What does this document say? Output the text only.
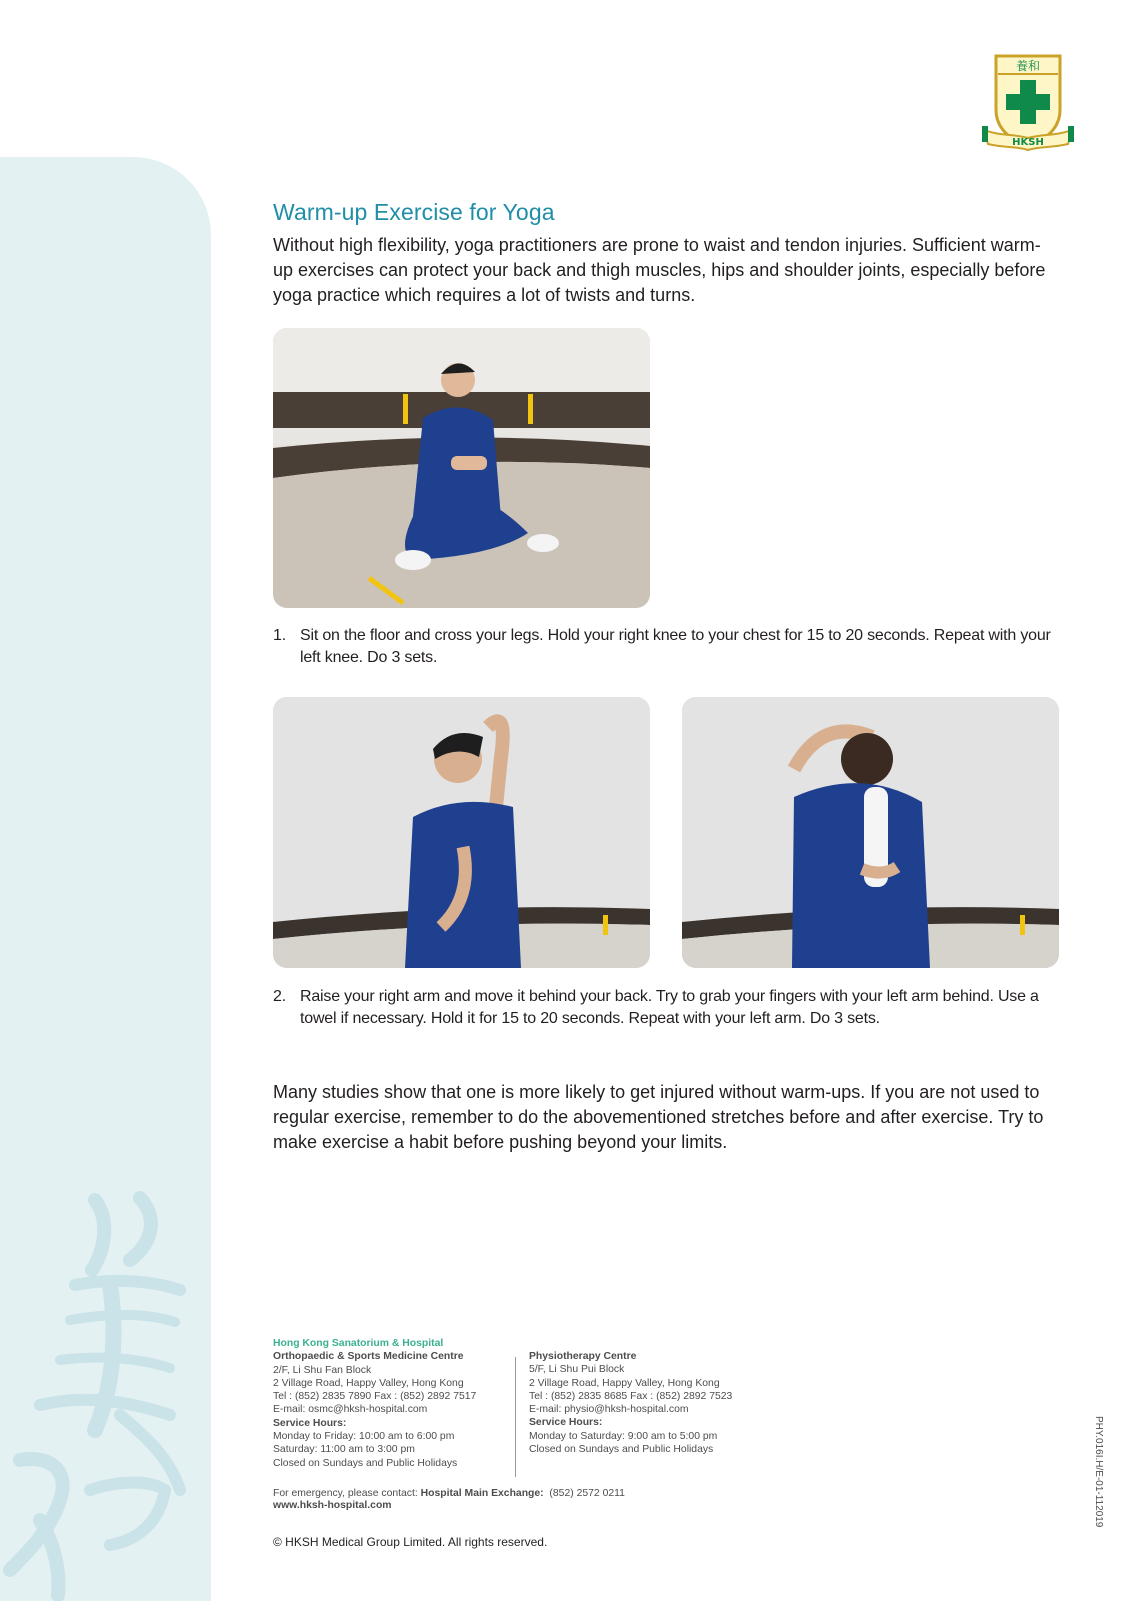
養和
HKSH
Warm-up Exercise for Yoga

Without high flexibility, yoga practitioners are prone to waist and tendon injuries. Sufficient warm-up exercises can protect your back and thigh muscles, hips and shoulder joints, especially before yoga practice which requires a lot of twists and turns.

1. Sit on the floor and cross your legs. Hold your right knee to your chest for 15 to 20 seconds. Repeat with your left knee. Do 3 sets.

2. Raise your right arm and move it behind your back. Try to grab your fingers with your left arm behind. Use a towel if necessary. Hold it for 15 to 20 seconds. Repeat with your left arm. Do 3 sets.

Many studies show that one is more likely to get injured without warm-ups. If you are not used to regular exercise, remember to do the abovementioned stretches before and after exercise. Try to make exercise a habit before pushing beyond your limits.

Hong Kong Sanatorium & Hospital

Orthopaedic & Sports Medicine Centre

2/F, Li Shu Fan Block

2 Village Road, Happy Valley, Hong Kong

Tel : (852) 2835 7890 Fax : (852) 2892 7517

E-mail: osmc@hksh-hospital.com

Service Hours:

Monday to Friday: 10:00 am to 6:00 pm

Saturday: 11:00 am to 3:00 pm

Closed on Sundays and Public Holidays

Physiotherapy Centre

5/F, Li Shu Pui Block

2 Village Road, Happy Valley, Hong Kong

Tel : (852) 2835 8685 Fax : (852) 2892 7523

E-mail: physio@hksh-hospital.com

Service Hours:

Monday to Saturday: 9:00 am to 5:00 pm

Closed on Sundays and Public Holidays

For emergency, please contact: Hospital Main Exchange: (852) 2572 0211

www.hksh-hospital.com

© HKSH Medical Group Limited. All rights reserved.

PHY.016I.H/E-01-112019
